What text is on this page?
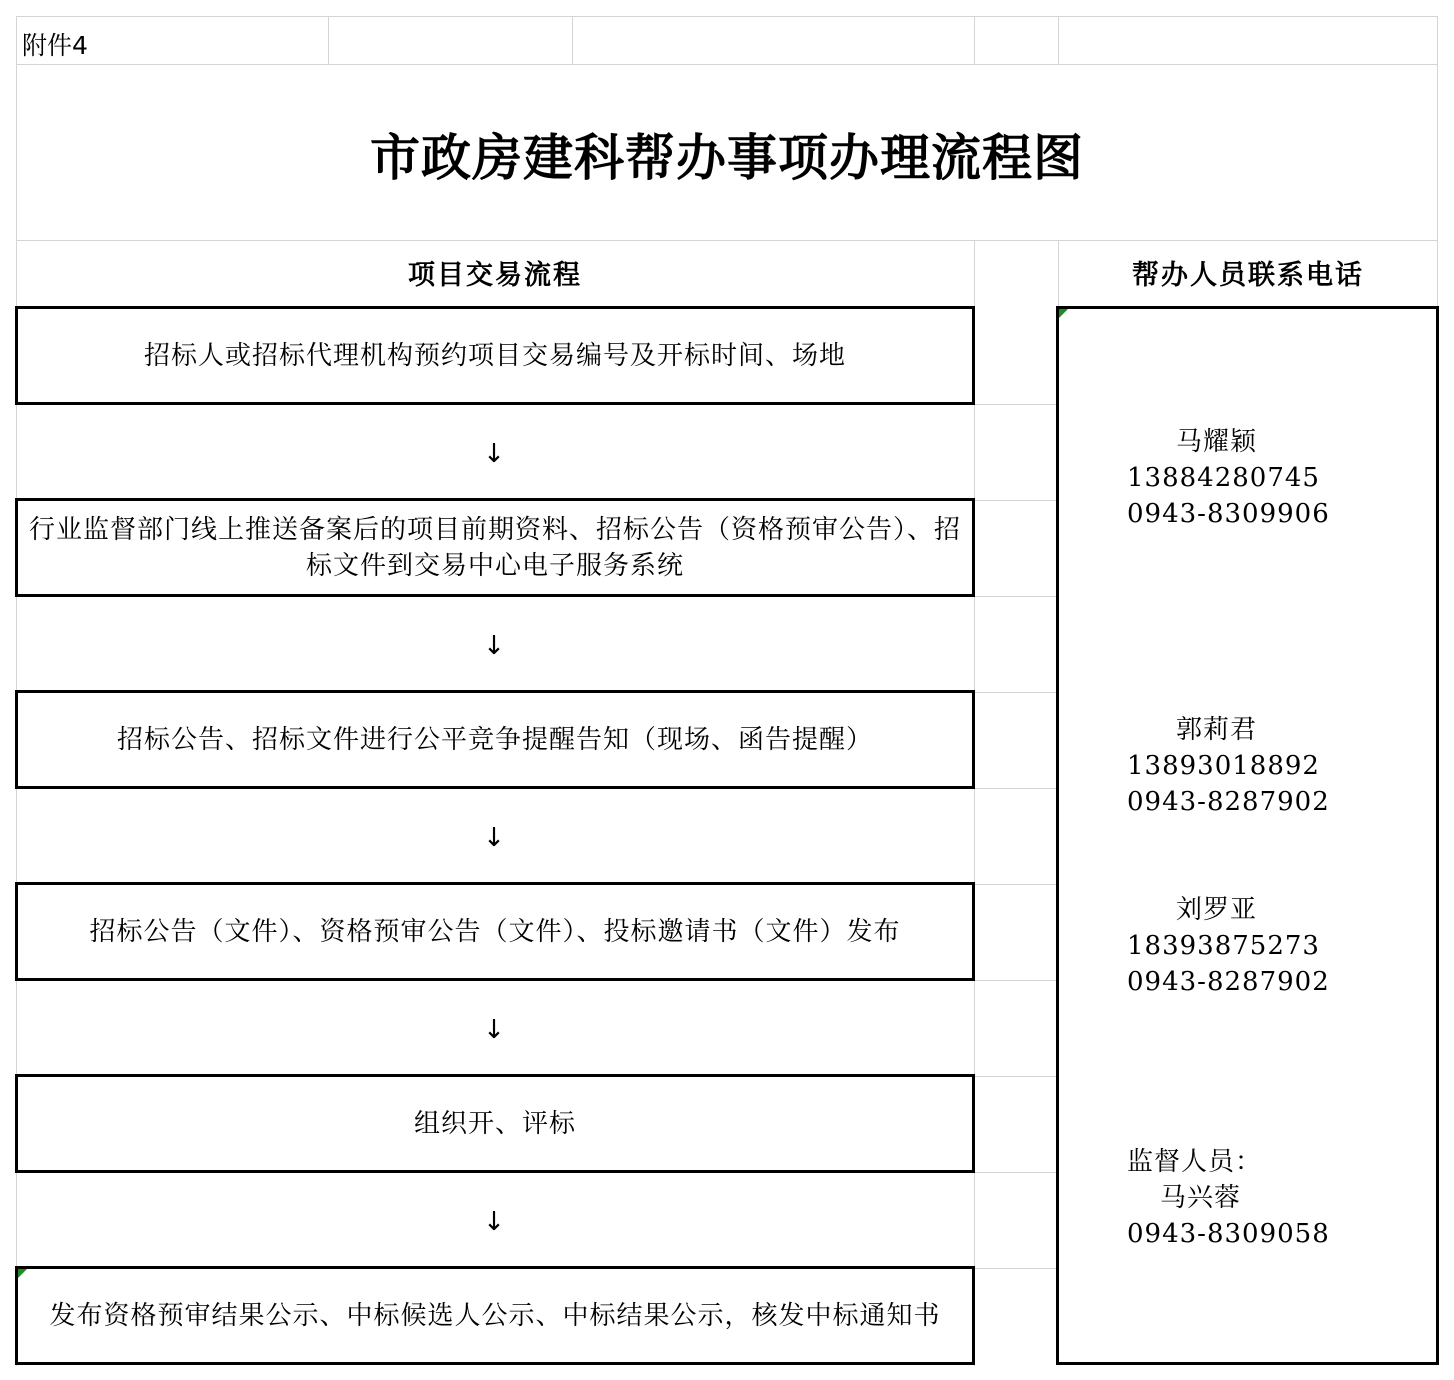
附件4
市政房建科帮办事项办理流程图
项目交易流程	帮办人员联系电话
招标人或招标代理机构预约项目交易编号及开标时间、场地
↓
行业监督部门线上推送备案后的项目前期资料、招标公告（资格预审公告）、招标文件到交易中心电子服务系统
↓
招标公告、招标文件进行公平竞争提醒告知（现场、函告提醒）
↓
招标公告（文件）、资格预审公告（文件）、投标邀请书（文件）发布
↓
组织开、评标
↓
发布资格预审结果公示、中标候选人公示、中标结果公示，核发中标通知书
马耀颖
13884280745
0943-8309906
郭莉君
13893018892
0943-8287902
刘罗亚
18393875273
0943-8287902
监督人员：
马兴蓉
0943-8309058
